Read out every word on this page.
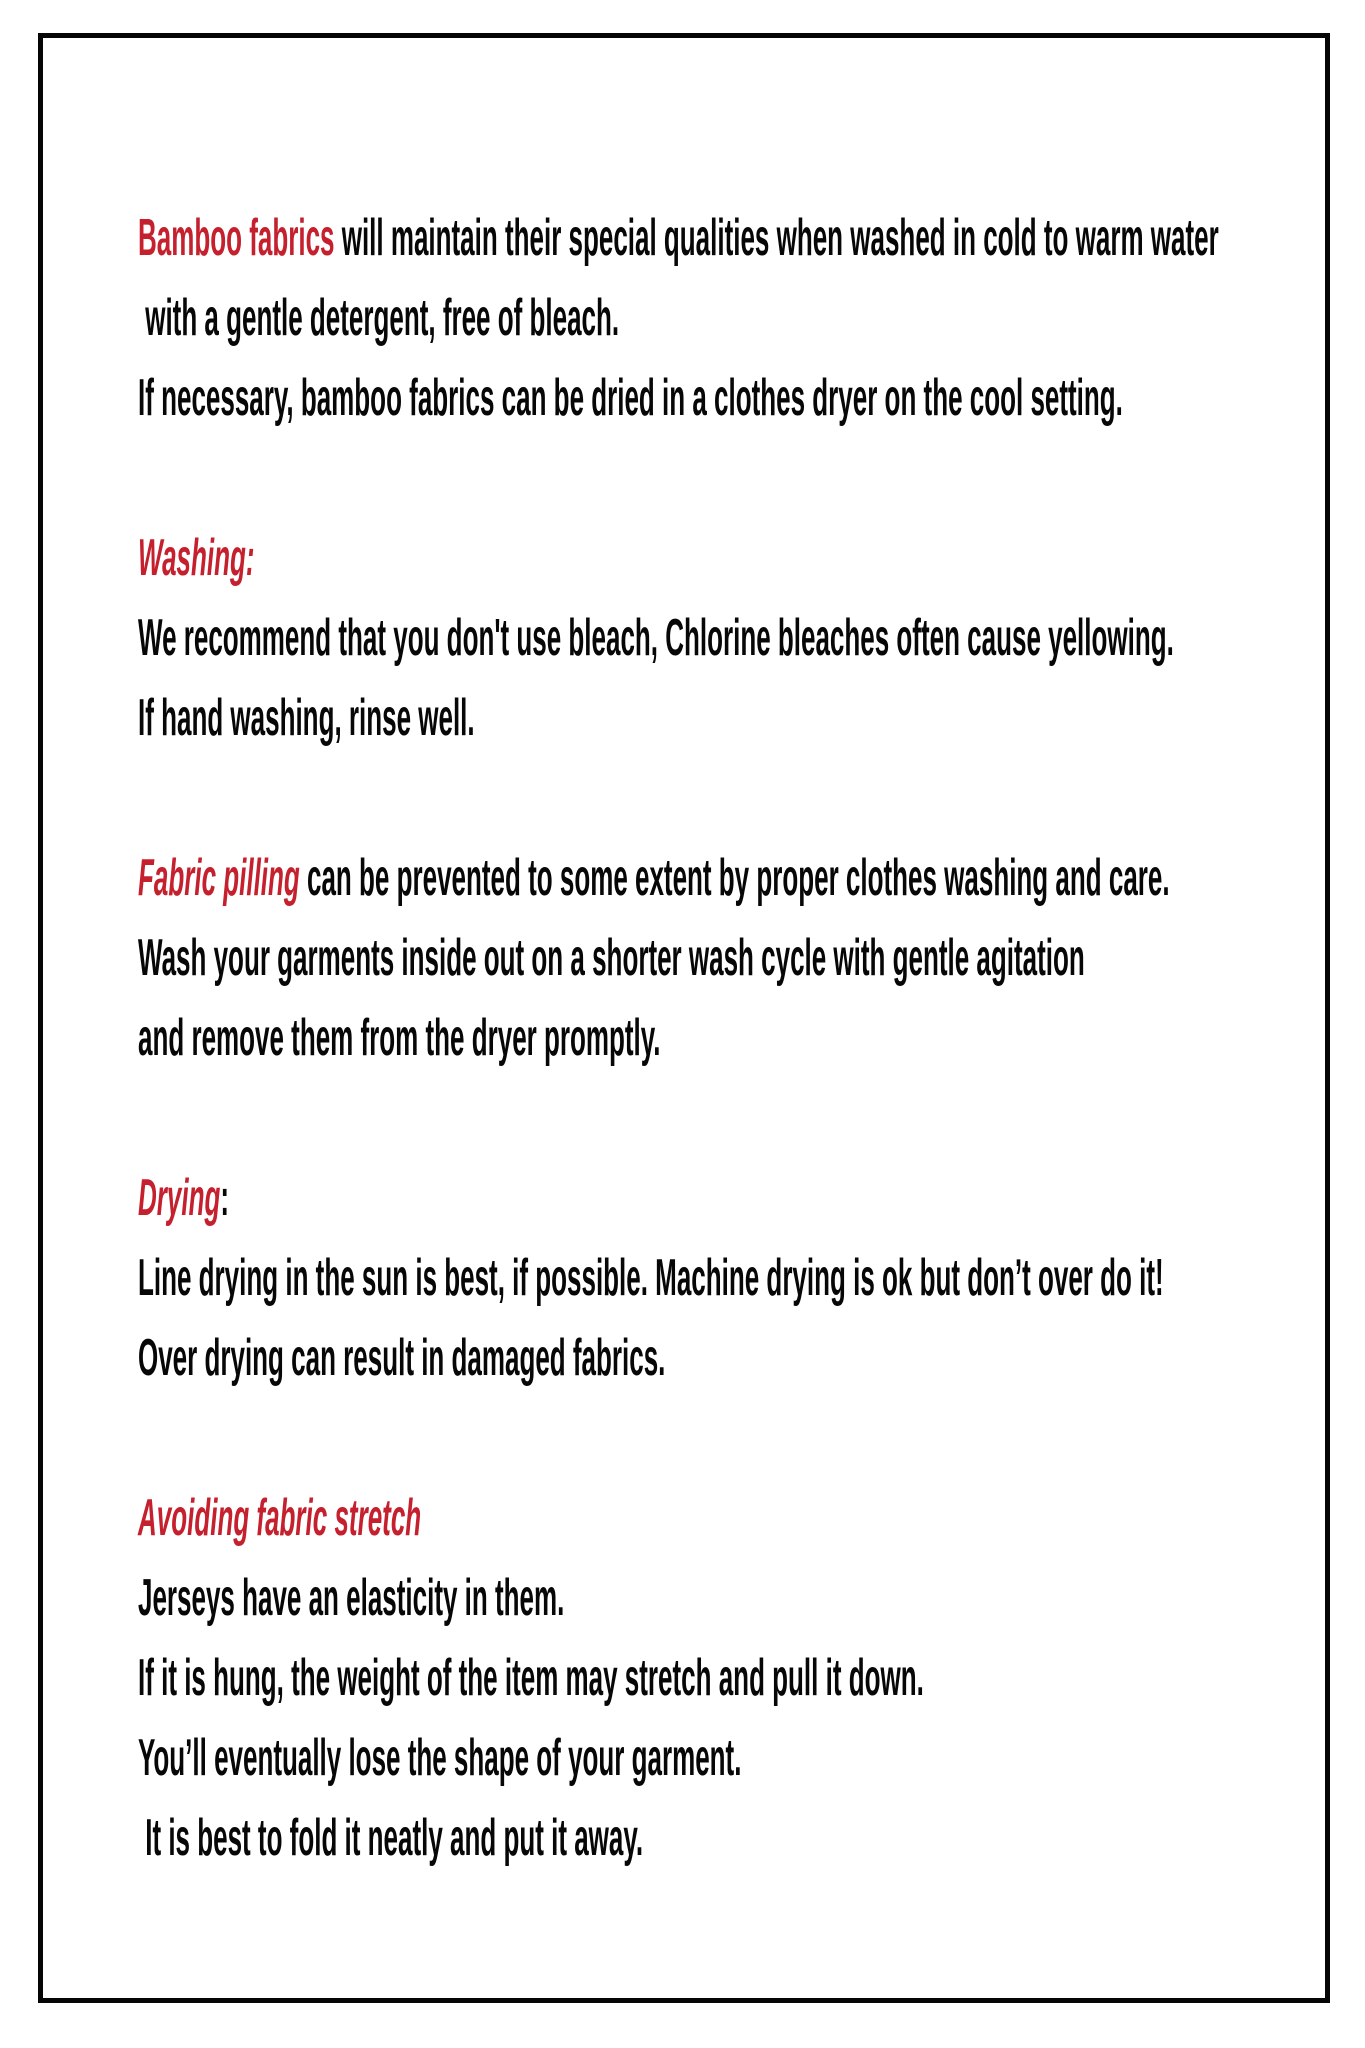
Bamboo fabrics will maintain their special qualities when washed in cold to warm water
with a gentle detergent, free of bleach.
If necessary, bamboo fabrics can be dried in a clothes dryer on the cool setting.
Washing:
We recommend that you don't use bleach, Chlorine bleaches often cause yellowing.
If hand washing, rinse well.
Fabric pilling can be prevented to some extent by proper clothes washing and care.
Wash your garments inside out on a shorter wash cycle with gentle agitation
and remove them from the dryer promptly.
Drying:
Line drying in the sun is best, if possible. Machine drying is ok but don’t over do it!
Over drying can result in damaged fabrics.
Avoiding fabric stretch
Jerseys have an elasticity in them.
If it is hung, the weight of the item may stretch and pull it down.
You’ll eventually lose the shape of your garment.
It is best to fold it neatly and put it away.
